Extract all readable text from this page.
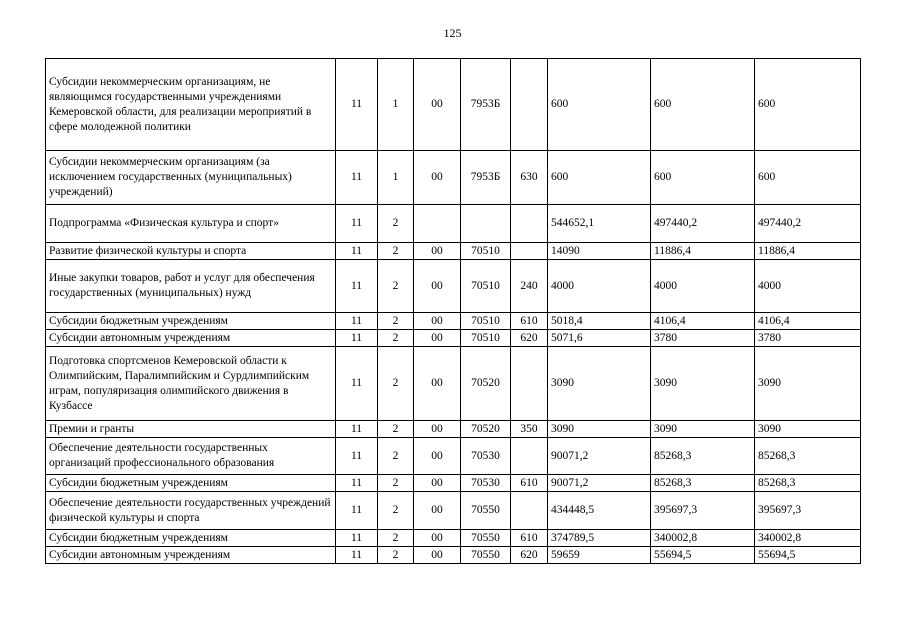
125
Субсидии некоммерческим организациям, не являющимся государственными учреждениями Кемеровской области, для реализации мероприятий в сфере молодежной политики	11	1	00	7953Б		600	600	600
Субсидии некоммерческим организациям (за исключением государственных (муниципальных) учреждений)	11	1	00	7953Б	630	600	600	600
Подпрограмма «Физическая культура и спорт»	11	2				544652,1	497440,2	497440,2
Развитие физической культуры и спорта	11	2	00	70510		14090	11886,4	11886,4
Иные закупки товаров, работ и услуг для обеспечения государственных (муниципальных) нужд	11	2	00	70510	240	4000	4000	4000
Субсидии бюджетным учреждениям	11	2	00	70510	610	5018,4	4106,4	4106,4
Субсидии автономным учреждениям	11	2	00	70510	620	5071,6	3780	3780
Подготовка спортсменов Кемеровской области к Олимпийским, Паралимпийским и Сурдлимпийским играм, популяризация олимпийского движения в Кузбассе	11	2	00	70520		3090	3090	3090
Премии и гранты	11	2	00	70520	350	3090	3090	3090
Обеспечение деятельности государственных организаций профессионального образования	11	2	00	70530		90071,2	85268,3	85268,3
Субсидии бюджетным учреждениям	11	2	00	70530	610	90071,2	85268,3	85268,3
Обеспечение деятельности государственных учреждений физической культуры и спорта	11	2	00	70550		434448,5	395697,3	395697,3
Субсидии бюджетным учреждениям	11	2	00	70550	610	374789,5	340002,8	340002,8
Субсидии автономным учреждениям	11	2	00	70550	620	59659	55694,5	55694,5
